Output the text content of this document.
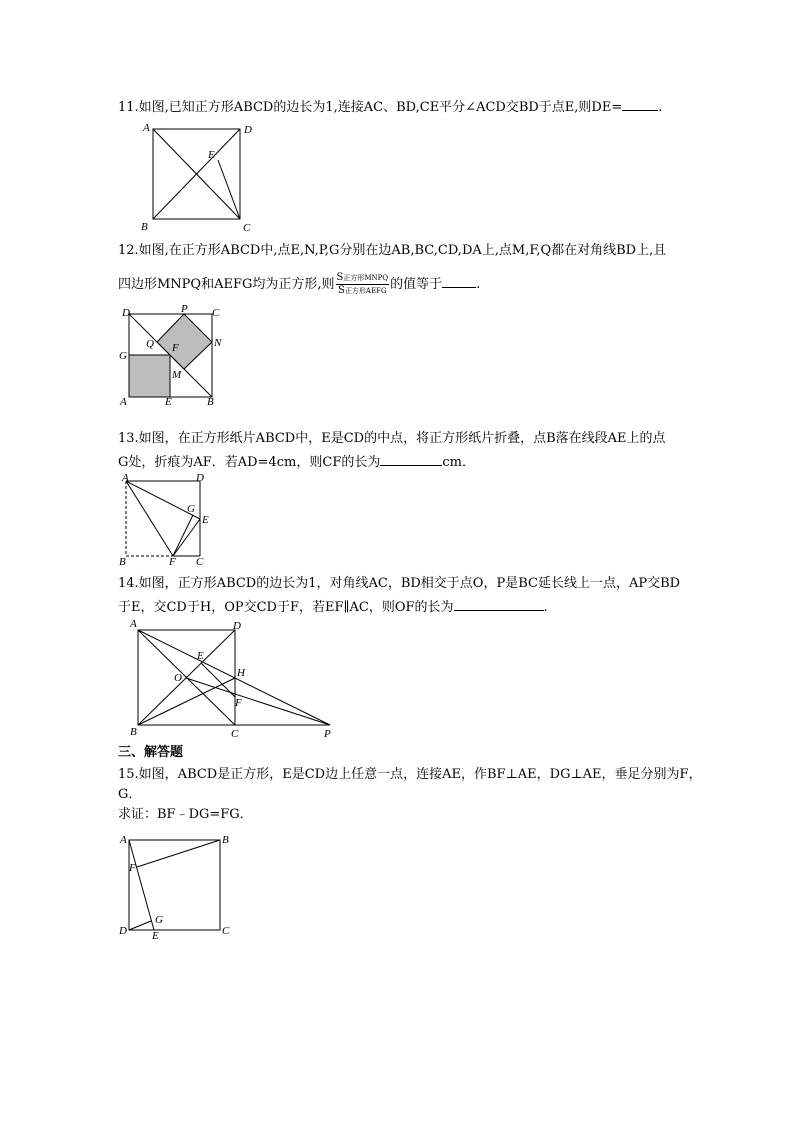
11.如图,已知正方形ABCD的边长为1,连接AC、BD,CE平分∠ACD交BD于点E,则DE=	.
A	D
B	C
E
12.如图,在正方形ABCD中,点E,N,P,G分别在边AB,BC,CD,DA上,点M,F,Q都在对角线BD上,且
四边形MNPQ和AEFG均为正方形,则 $\frac{\text{S正方形MNPQ}}{\text{S正方形AEFG}}$ 的值等于	.
D	P C
Q F	N
G
M
A	E	B
13.如图，在正方形纸片ABCD中，E是CD的中点，将正方形纸片折叠，点B落在线段AE上的点
G处，折痕为AF．若AD=4cm，则CF的长为	cm．
A	D
G
E
B	F C
14.如图，正方形ABCD的边长为1，对角线AC，BD相交于点O，P是BC延长线上一点，AP交BD
于E，交CD于H，OP交CD于F，若EF∥AC，则OF的长为	.
A	D
E
H
O
F
B	C	P
三、解答题
15.如图，ABCD是正方形，E是CD边上任意一点，连接AE，作BF⊥AE，DG⊥AE，垂足分别为F，
G．
求证：BF﹣DG=FG．
A	B
F
G
D E	C
